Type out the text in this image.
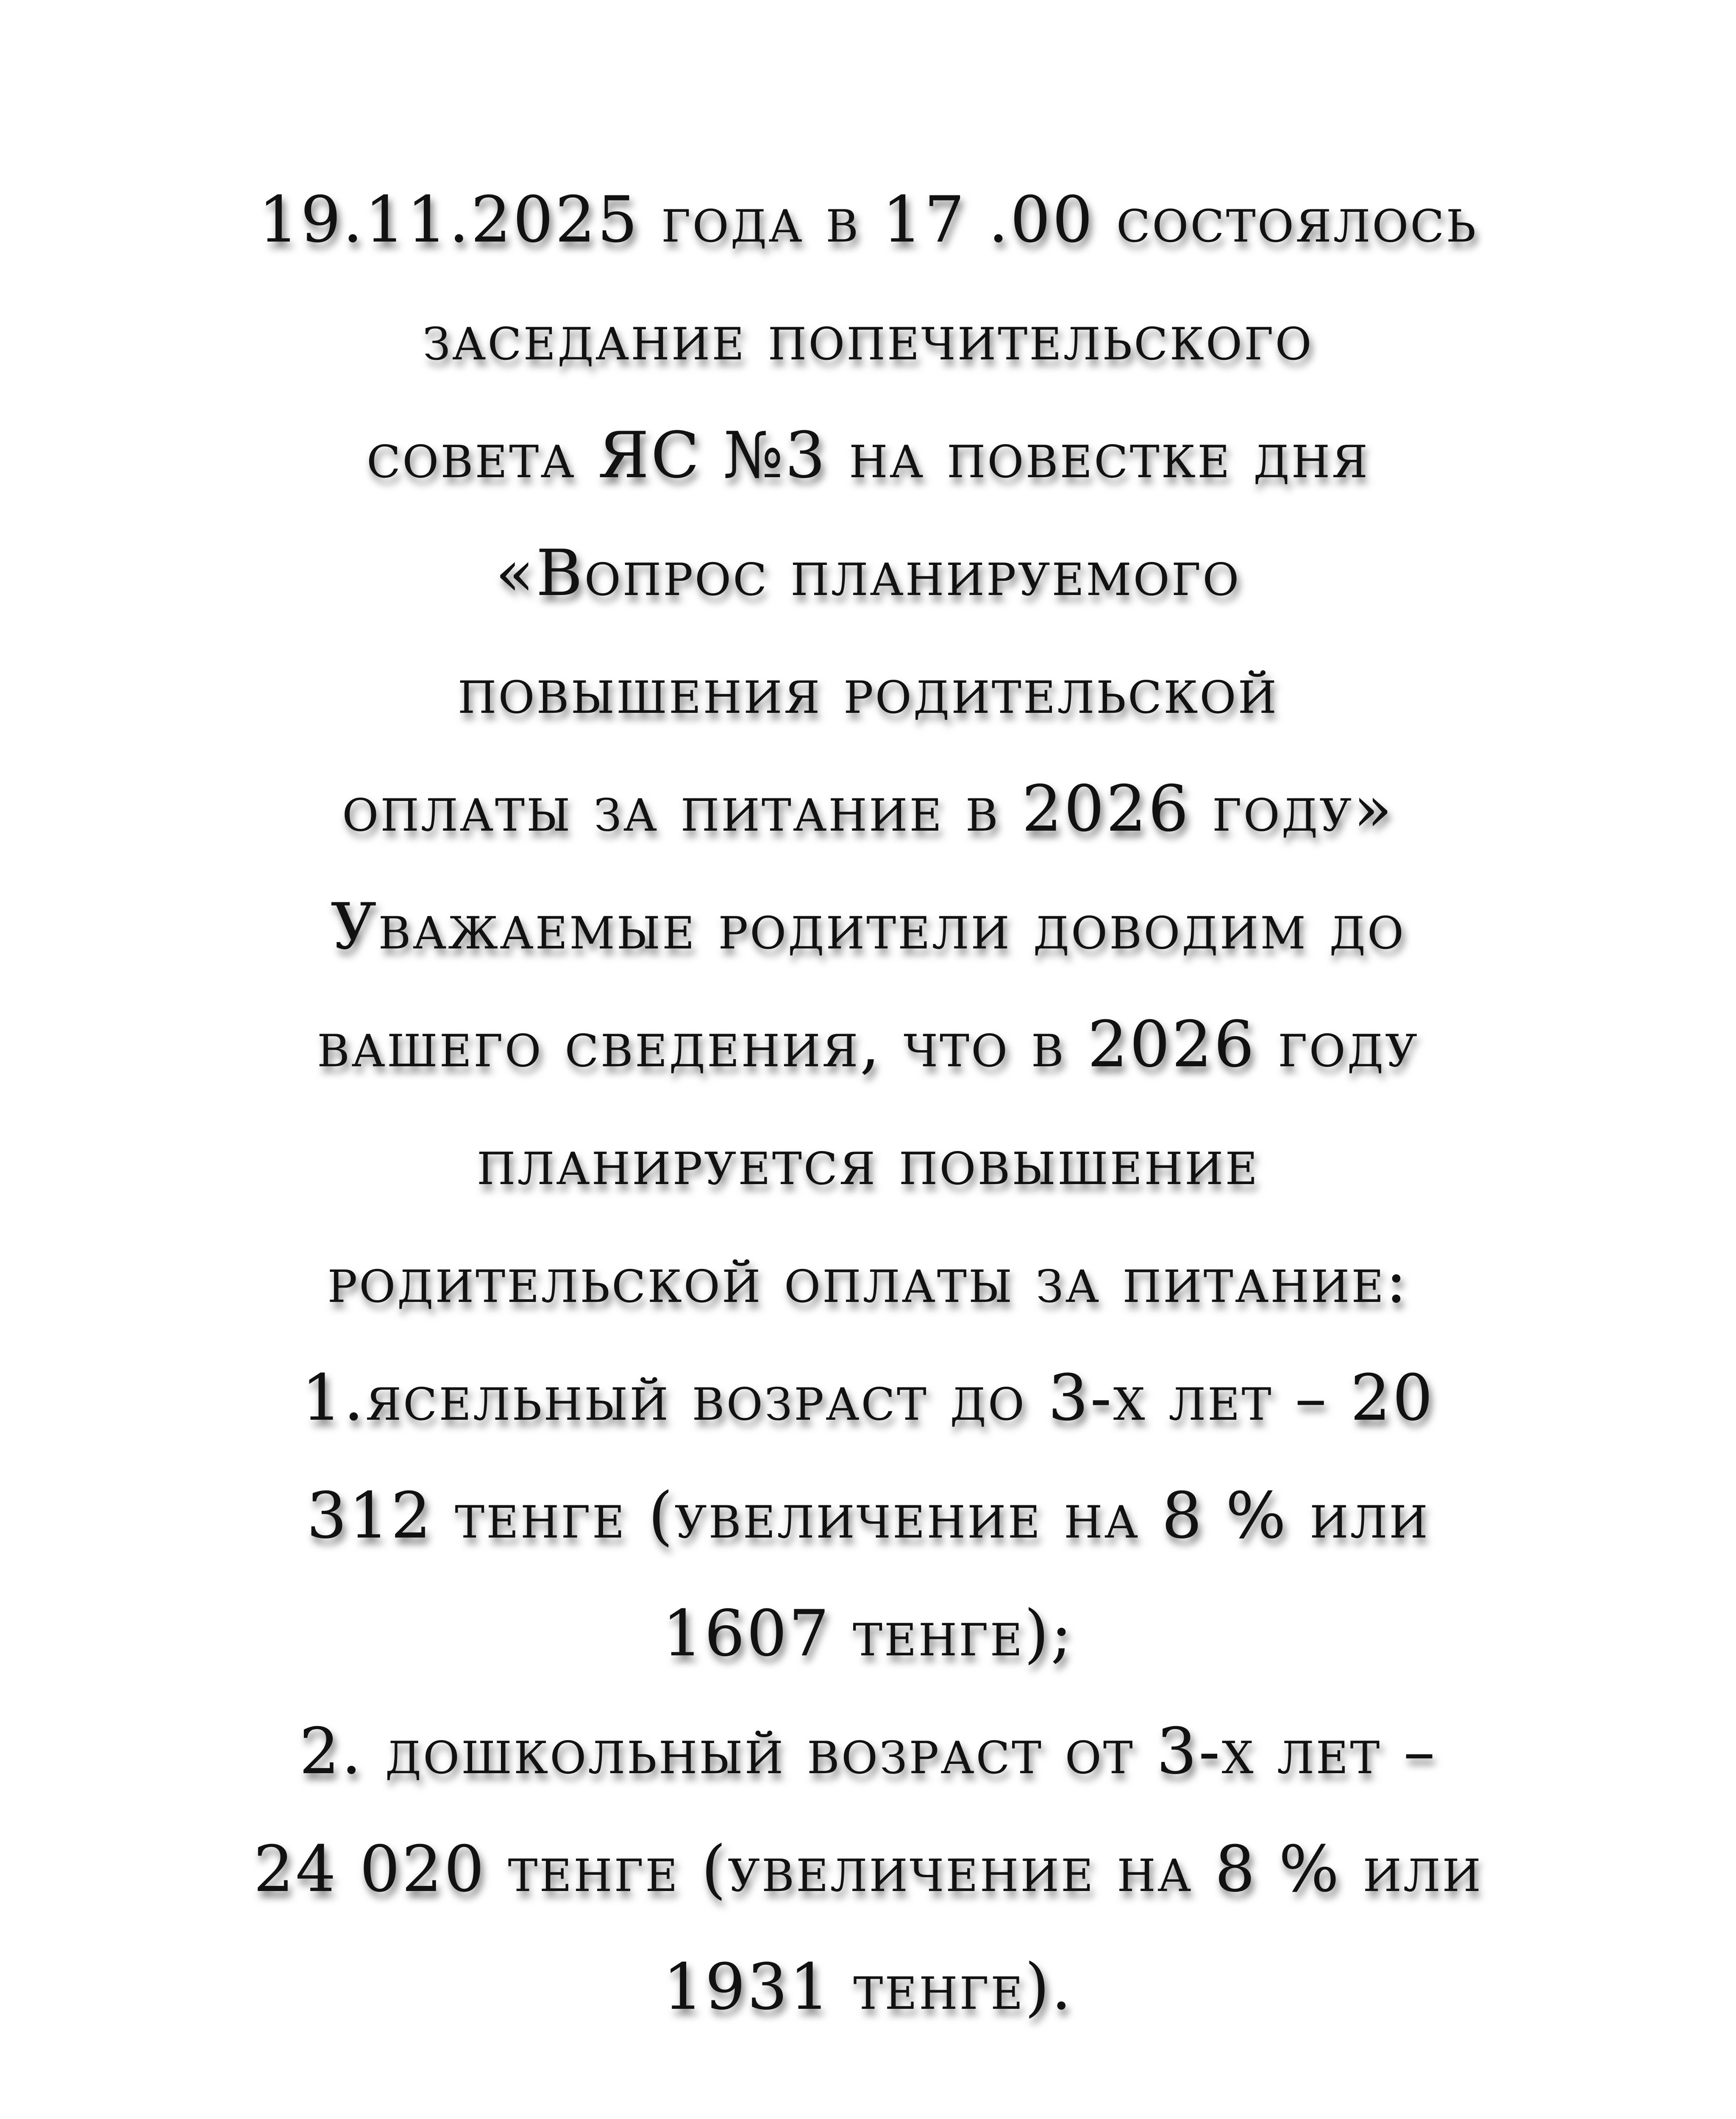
19.11.2025 года в 17 .00 состоялось
заседание попечительского
совета ЯС №3 на повестке дня
«Вопрос планируемого
повышения родительской
оплаты за питание в 2026 году»
Уважаемые родители доводим до
вашего сведения, что в 2026 году
планируется повышение
родительской оплаты за питание:
1.ясельный возраст до 3-х лет – 20
312 тенге (увеличение на 8 % или
1607 тенге);
2. дошкольный возраст от 3-х лет –
24 020 тенге (увеличение на 8 % или
1931 тенге).
